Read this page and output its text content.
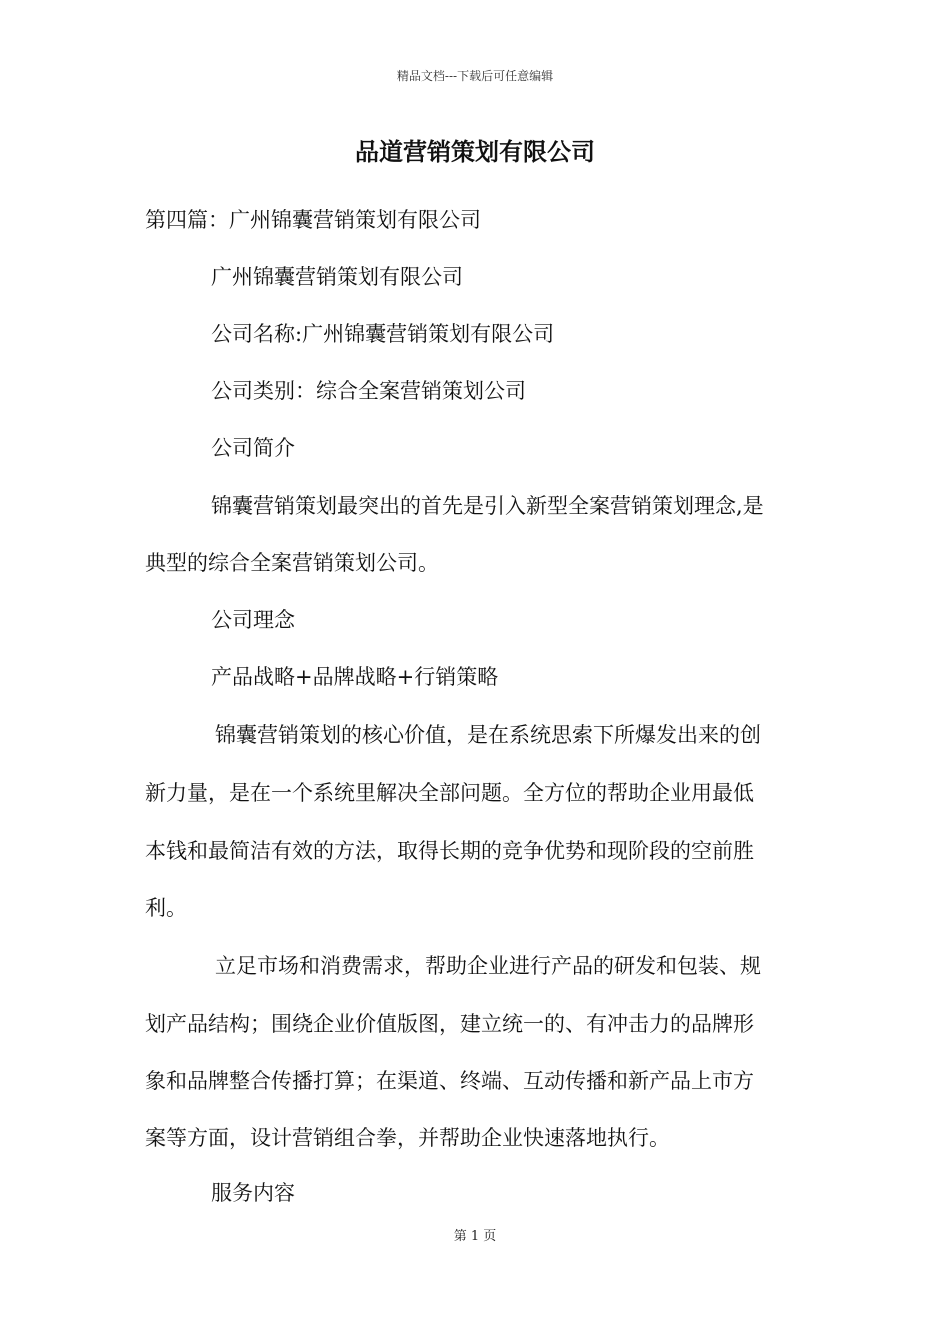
精品文档---下载后可任意编辑
品道营销策划有限公司

第四篇：广州锦囊营销策划有限公司

广州锦囊营销策划有限公司

公司名称:广州锦囊营销策划有限公司

公司类别：综合全案营销策划公司

公司简介

锦囊营销策划最突出的首先是引入新型全案营销策划理念,是

典型的综合全案营销策划公司。

公司理念

产品战略+品牌战略+行销策略

锦囊营销策划的核心价值，是在系统思索下所爆发出来的创

新力量，是在一个系统里解决全部问题。全方位的帮助企业用最低

本钱和最简洁有效的方法，取得长期的竞争优势和现阶段的空前胜

利。

立足市场和消费需求，帮助企业进行产品的研发和包装、规

划产品结构；围绕企业价值版图，建立统一的、有冲击力的品牌形

象和品牌整合传播打算；在渠道、终端、互动传播和新产品上市方

案等方面，设计营销组合拳，并帮助企业快速落地执行。

服务内容

第 1 页
